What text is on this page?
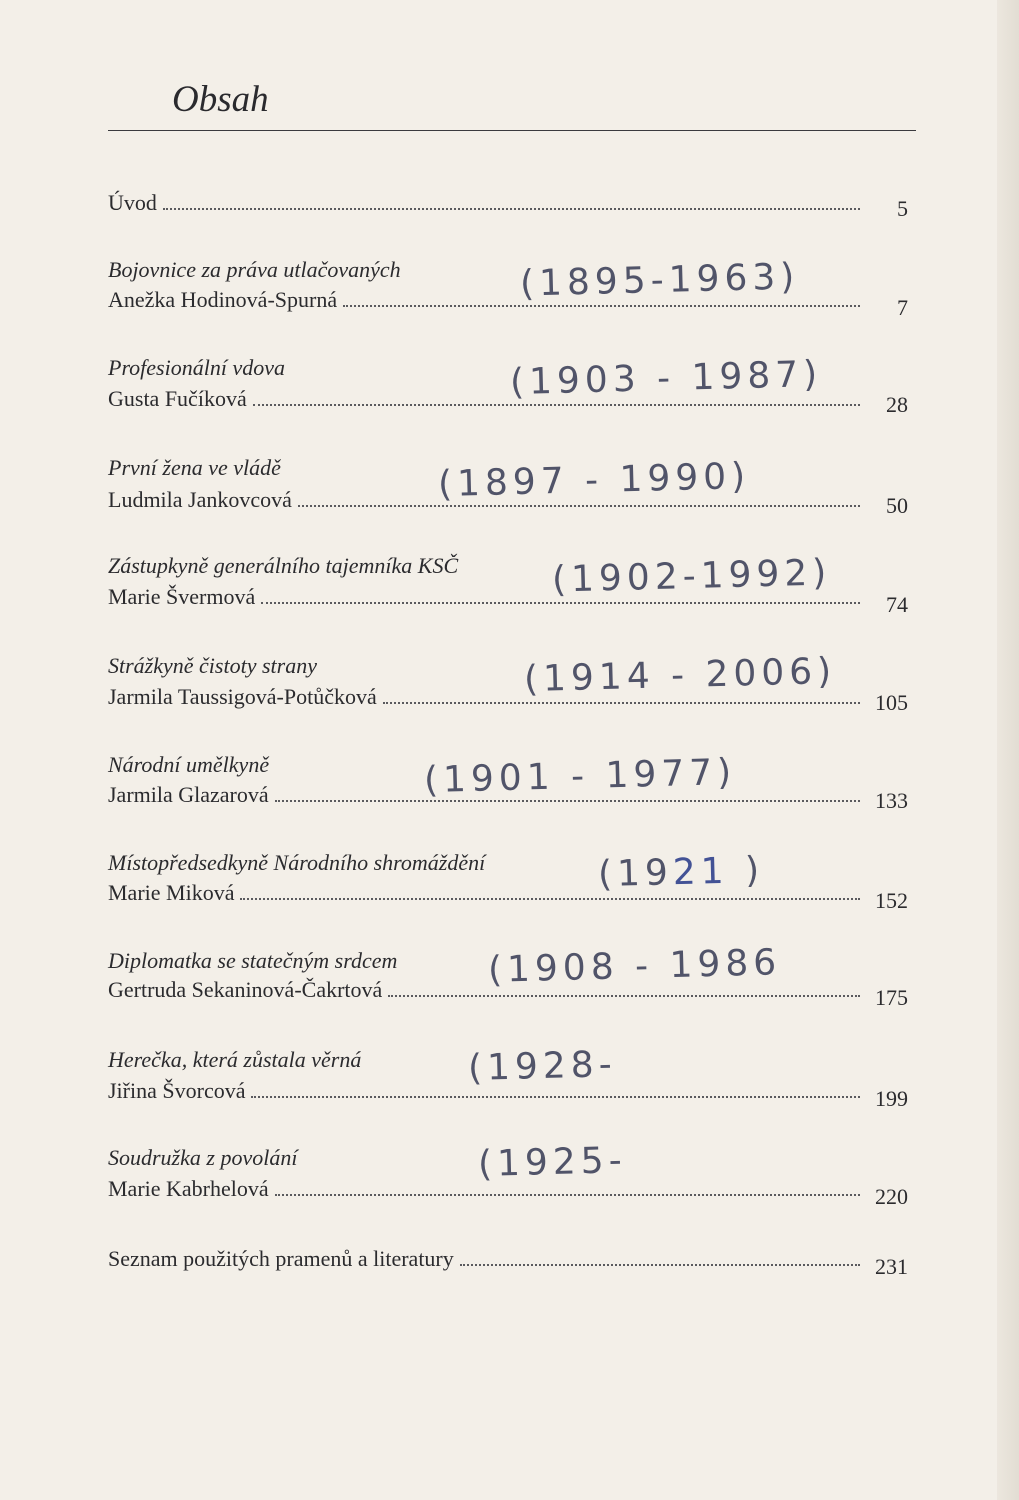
Obsah
Úvod	5
Bojovnice za práva utlačovaných
Anežka Hodinová-Spurná	7
(1895-1963)
Profesionální vdova
Gusta Fučíková	28
(1903 - 1987)
První žena ve vládě
Ludmila Jankovcová	50
(1897 - 1990)
Zástupkyně generálního tajemníka KSČ
Marie Švermová	74
(1902-1992)
Strážkyně čistoty strany
Jarmila Taussigová-Potůčková	105
(1914 - 2006)
Národní umělkyně
Jarmila Glazarová	133
(1901 - 1977)
Místopředsedkyně Národního shromáždění
Marie Miková	152
(1921 )
Diplomatka se statečným srdcem
Gertruda Sekaninová-Čakrtová	175
(1908 - 1986
Herečka, která zůstala věrná
Jiřina Švorcová	199
(1928-
Soudružka z povolání
Marie Kabrhelová	220
(1925-
Seznam použitých pramenů a literatury	231
